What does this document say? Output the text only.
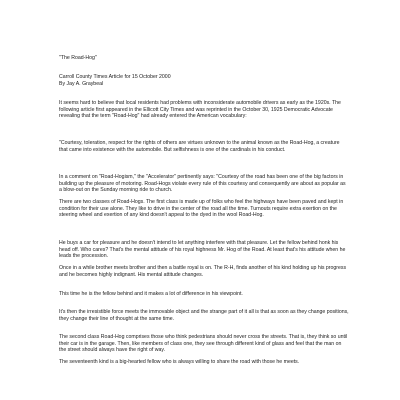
"The Road-Hog"

Carroll County Times Article for 15 October 2000

By Jay A. Graybeal

It seems hard to believe that local residents had problems with inconsiderate automobile drivers as early as the 1920s. The following article first appeared in the Ellicott City Times and was reprinted in the October 30, 1925 Democratic Advocate revealing that the term "Road-Hog" had already entered the American vocabulary:

"Courtesy, toleration, respect for the rights of others are virtues unknown to the animal known as the Road-Hog, a creature that came into existence with the automobile. But selfishness is one of the cardinals in his conduct.

In a comment on "Road-Hogism," the "Accelerator" pertinently says: "Courtesy of the road has been one of the big factors in building up the pleasure of motoring. Road-Hogs violate every rule of this courtesy and consequently are about as popular as a blow-out on the Sunday morning ride to church.

There are two classes of Road-Hogs. The first class is made up of folks who feel the highways have been paved and kept in condition for their use alone. They like to drive in the center of the road all the time. Turnouts require extra exertion on the steering wheel and exertion of any kind doesn't appeal to the dyed in the wool Road-Hog.

He buys a car for pleasure and he doesn't intend to let anything interfere with that pleasure. Let the fellow behind honk his head off. Who cares? That's the mental attitude of his royal highness Mr. Hog of the Road. At least that's his attitude when he leads the procession.

Once in a while brother meets brother and then a battle royal is on. The R-H, finds another of his kind holding up his progress and he becomes highly indignant. His mental attitude changes.

This time he is the fellow behind and it makes a lot of difference in his viewpoint.

It's then the irresistible force meets the immovable object and the strange part of it all is that as soon as they change positions, they change their line of thought at the same time.

The second class Road-Hog comprises those who think pedestrians should never cross the streets. That is, they think so until their car is in the garage. Then, like members of class one, they see through different kind of glass and feel that the man on the street should always have the right of way.

The seventeenth kind is a big-hearted fellow who is always willing to share the road with those he meets.
